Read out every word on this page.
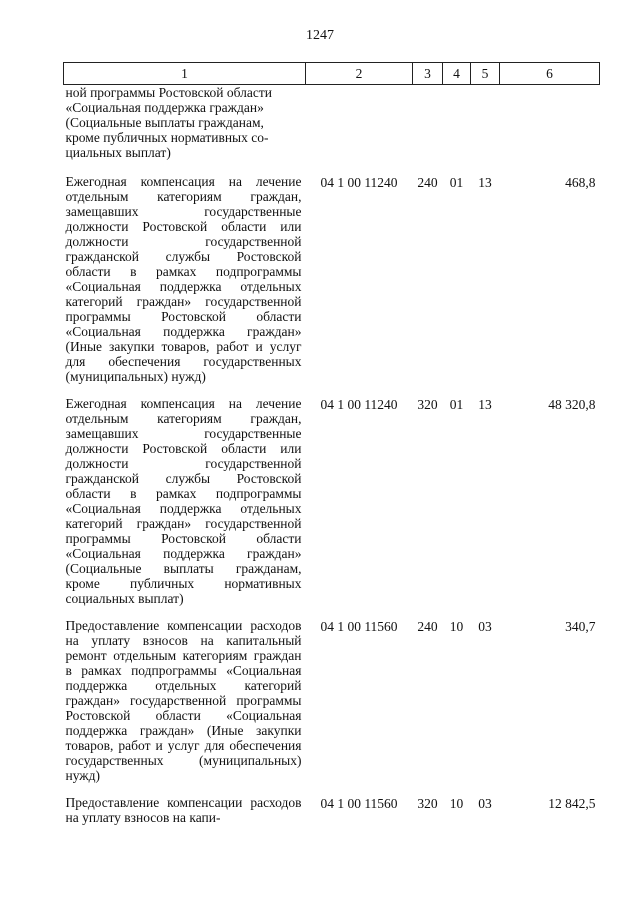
1247
1	2	3	4	5	6
ной программы Ростовской области
«Социальная поддержка граждан»
(Социальные выплаты гражданам,
кроме публичных нормативных со-
циальных выплат)					
Ежегодная компенсация на лечение отдельным категориям граждан, замещавших государственные должности Ростовской области или должности государственной гражданской службы Ростовской области в рамках подпрограммы «Социальная поддержка отдельных категорий граждан» государственной программы Ростовской области «Социальная поддержка граждан» (Иные закупки товаров, работ и услуг для обеспечения государственных (муниципальных) нужд)	04 1 00 11240	240	01	13	468,8
Ежегодная компенсация на лечение отдельным категориям граждан, замещавших государственные должности Ростовской области или должности государственной гражданской службы Ростовской области в рамках подпрограммы «Социальная поддержка отдельных категорий граждан» государственной программы Ростовской области «Социальная поддержка граждан» (Социальные выплаты гражданам, кроме публичных нормативных социальных выплат)	04 1 00 11240	320	01	13	48 320,8
Предоставление компенсации расходов на уплату взносов на капитальный ремонт отдельным категориям граждан в рамках подпрограммы «Социальная поддержка отдельных категорий граждан» государственной программы Ростовской области «Социальная поддержка граждан» (Иные закупки товаров, работ и услуг для обеспечения государственных (муниципальных) нужд)	04 1 00 11560	240	10	03	340,7
Предоставление компенсации расходов на уплату взносов на капи-	04 1 00 11560	320	10	03	12 842,5
